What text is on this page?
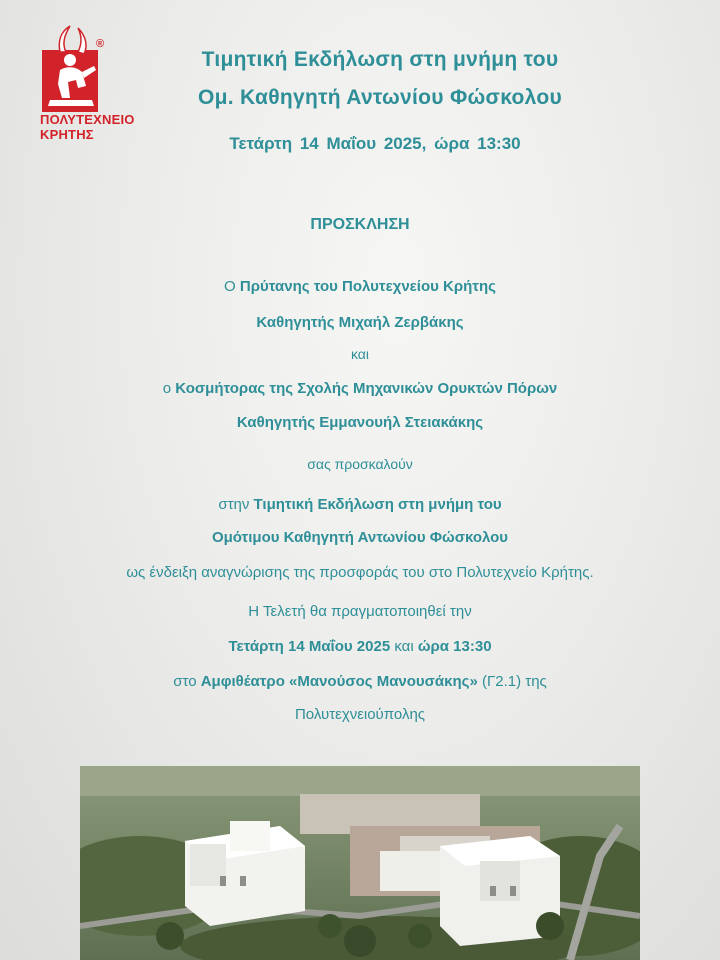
®
ΠΟΛΥΤΕΧΝΕΙΟ
ΚΡΗΤΗΣ
Τιμητική Εκδήλωση στη μνήμη του
Ομ. Καθηγητή Αντωνίου Φώσκολου
Τετάρτη 14 Μαΐου 2025, ώρα 13:30
ΠΡΟΣΚΛΗΣΗ
Ο Πρύτανης του Πολυτεχνείου Κρήτης
Καθηγητής Μιχαήλ Ζερβάκης
και
ο Κοσμήτορας της Σχολής Μηχανικών Ορυκτών Πόρων
Καθηγητής Εμμανουήλ Στειακάκης
σας προσκαλούν
στην Τιμητική Εκδήλωση στη μνήμη του
Ομότιμου Καθηγητή Αντωνίου Φώσκολου
ως ένδειξη αναγνώρισης της προσφοράς του στο Πολυτεχνείο Κρήτης.
Η Τελετή θα πραγματοποιηθεί την
Τετάρτη 14 Μαΐου 2025 και ώρα 13:30
στο Αμφιθέατρο «Μανούσος Μανουσάκης» (Γ2.1) της
Πολυτεχνειούπολης
